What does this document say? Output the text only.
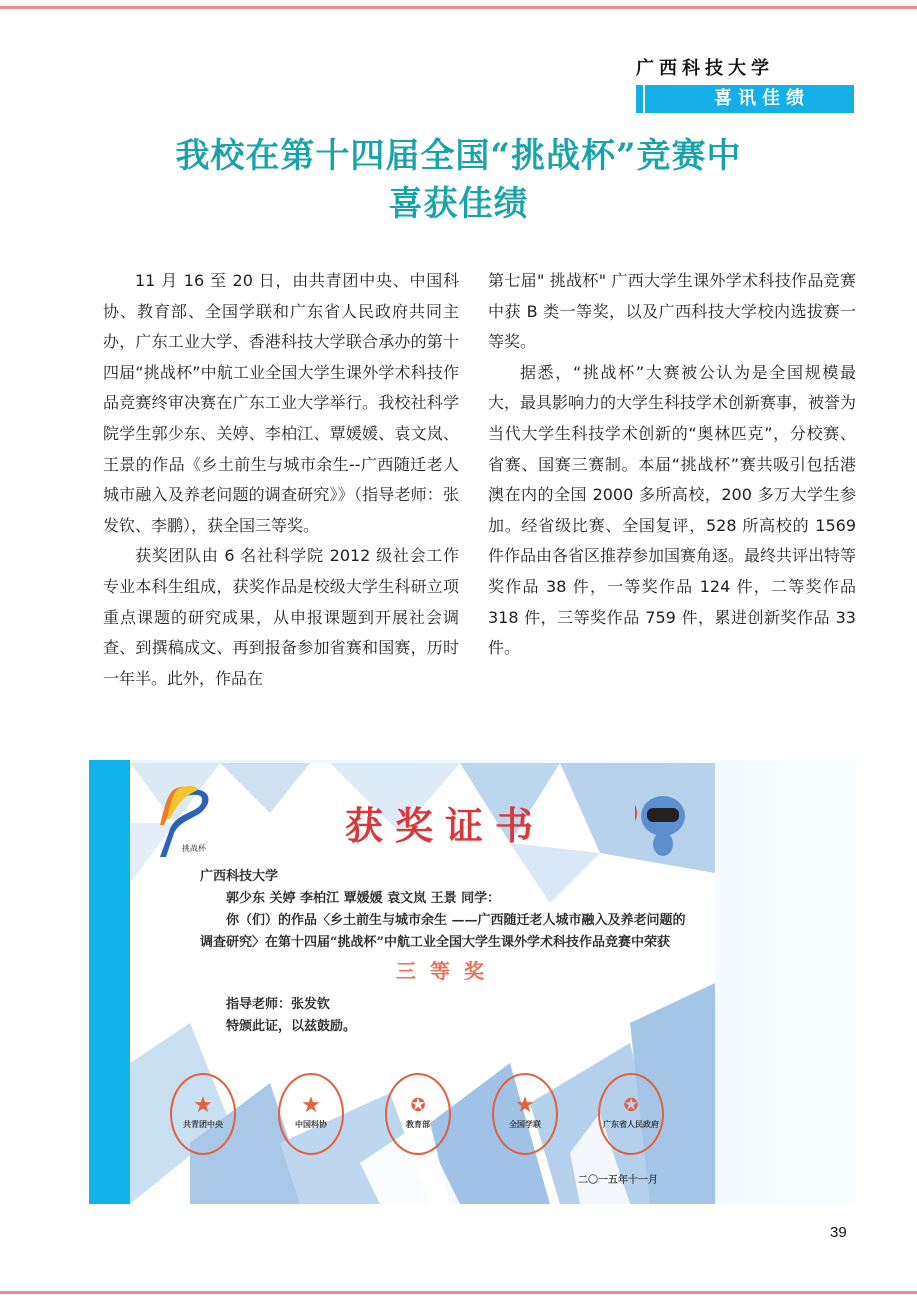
广西科技大学
喜讯佳绩
我校在第十四届全国“挑战杯”竞赛中
喜获佳绩

11 月 16 至 20 日，由共青团中央、中国科协、教育部、全国学联和广东省人民政府共同主办，广东工业大学、香港科技大学联合承办的第十四届“挑战杯”中航工业全国大学生课外学术科技作品竞赛终审决赛在广东工业大学举行。我校社科学院学生郭少东、关婷、李柏江、覃媛媛、袁文岚、王景的作品《乡土前生与城市余生--广西随迁老人城市融入及养老问题的调查研究》》（指导老师：张发钦、李鹏），获全国三等奖。

获奖团队由 6 名社科学院 2012 级社会工作专业本科生组成，获奖作品是校级大学生科研立项重点课题的研究成果，从申报课题到开展社会调查、到撰稿成文、再到报备参加省赛和国赛，历时一年半。此外，作品在

第七届" 挑战杯" 广西大学生课外学术科技作品竞赛中获 B 类一等奖，以及广西科技大学校内选拔赛一等奖。

据悉，“挑战杯”大赛被公认为是全国规模最大，最具影响力的大学生科技学术创新赛事，被誉为当代大学生科技学术创新的“奥林匹克”，分校赛、省赛、国赛三赛制。本届“挑战杯”赛共吸引包括港澳在内的全国 2000 多所高校，200 多万大学生参加。经省级比赛、全国复评，528 所高校的 1569 件作品由各省区推荐参加国赛角逐。最终共评出特等奖作品 38 件，一等奖作品 124 件，二等奖作品 318 件，三等奖作品 759 件，累进创新奖作品 33 件。

挑战杯
获奖证书
广西科技大学
郭少东 关婷 李柏江 覃媛媛 袁文岚 王景 同学：
你（们）的作品〈乡土前生与城市余生 ——广西随迁老人城市融入及养老问题的调查研究〉在第十四届“挑战杯”中航工业全国大学生课外学术科技作品竞赛中荣获
三等奖
指导老师：张发钦
特颁此证，以兹鼓励。
★
共青团中央
★
中国科协
✪
教育部
★
全国学联
✪
广东省人民政府
二〇一五年十一月
39
